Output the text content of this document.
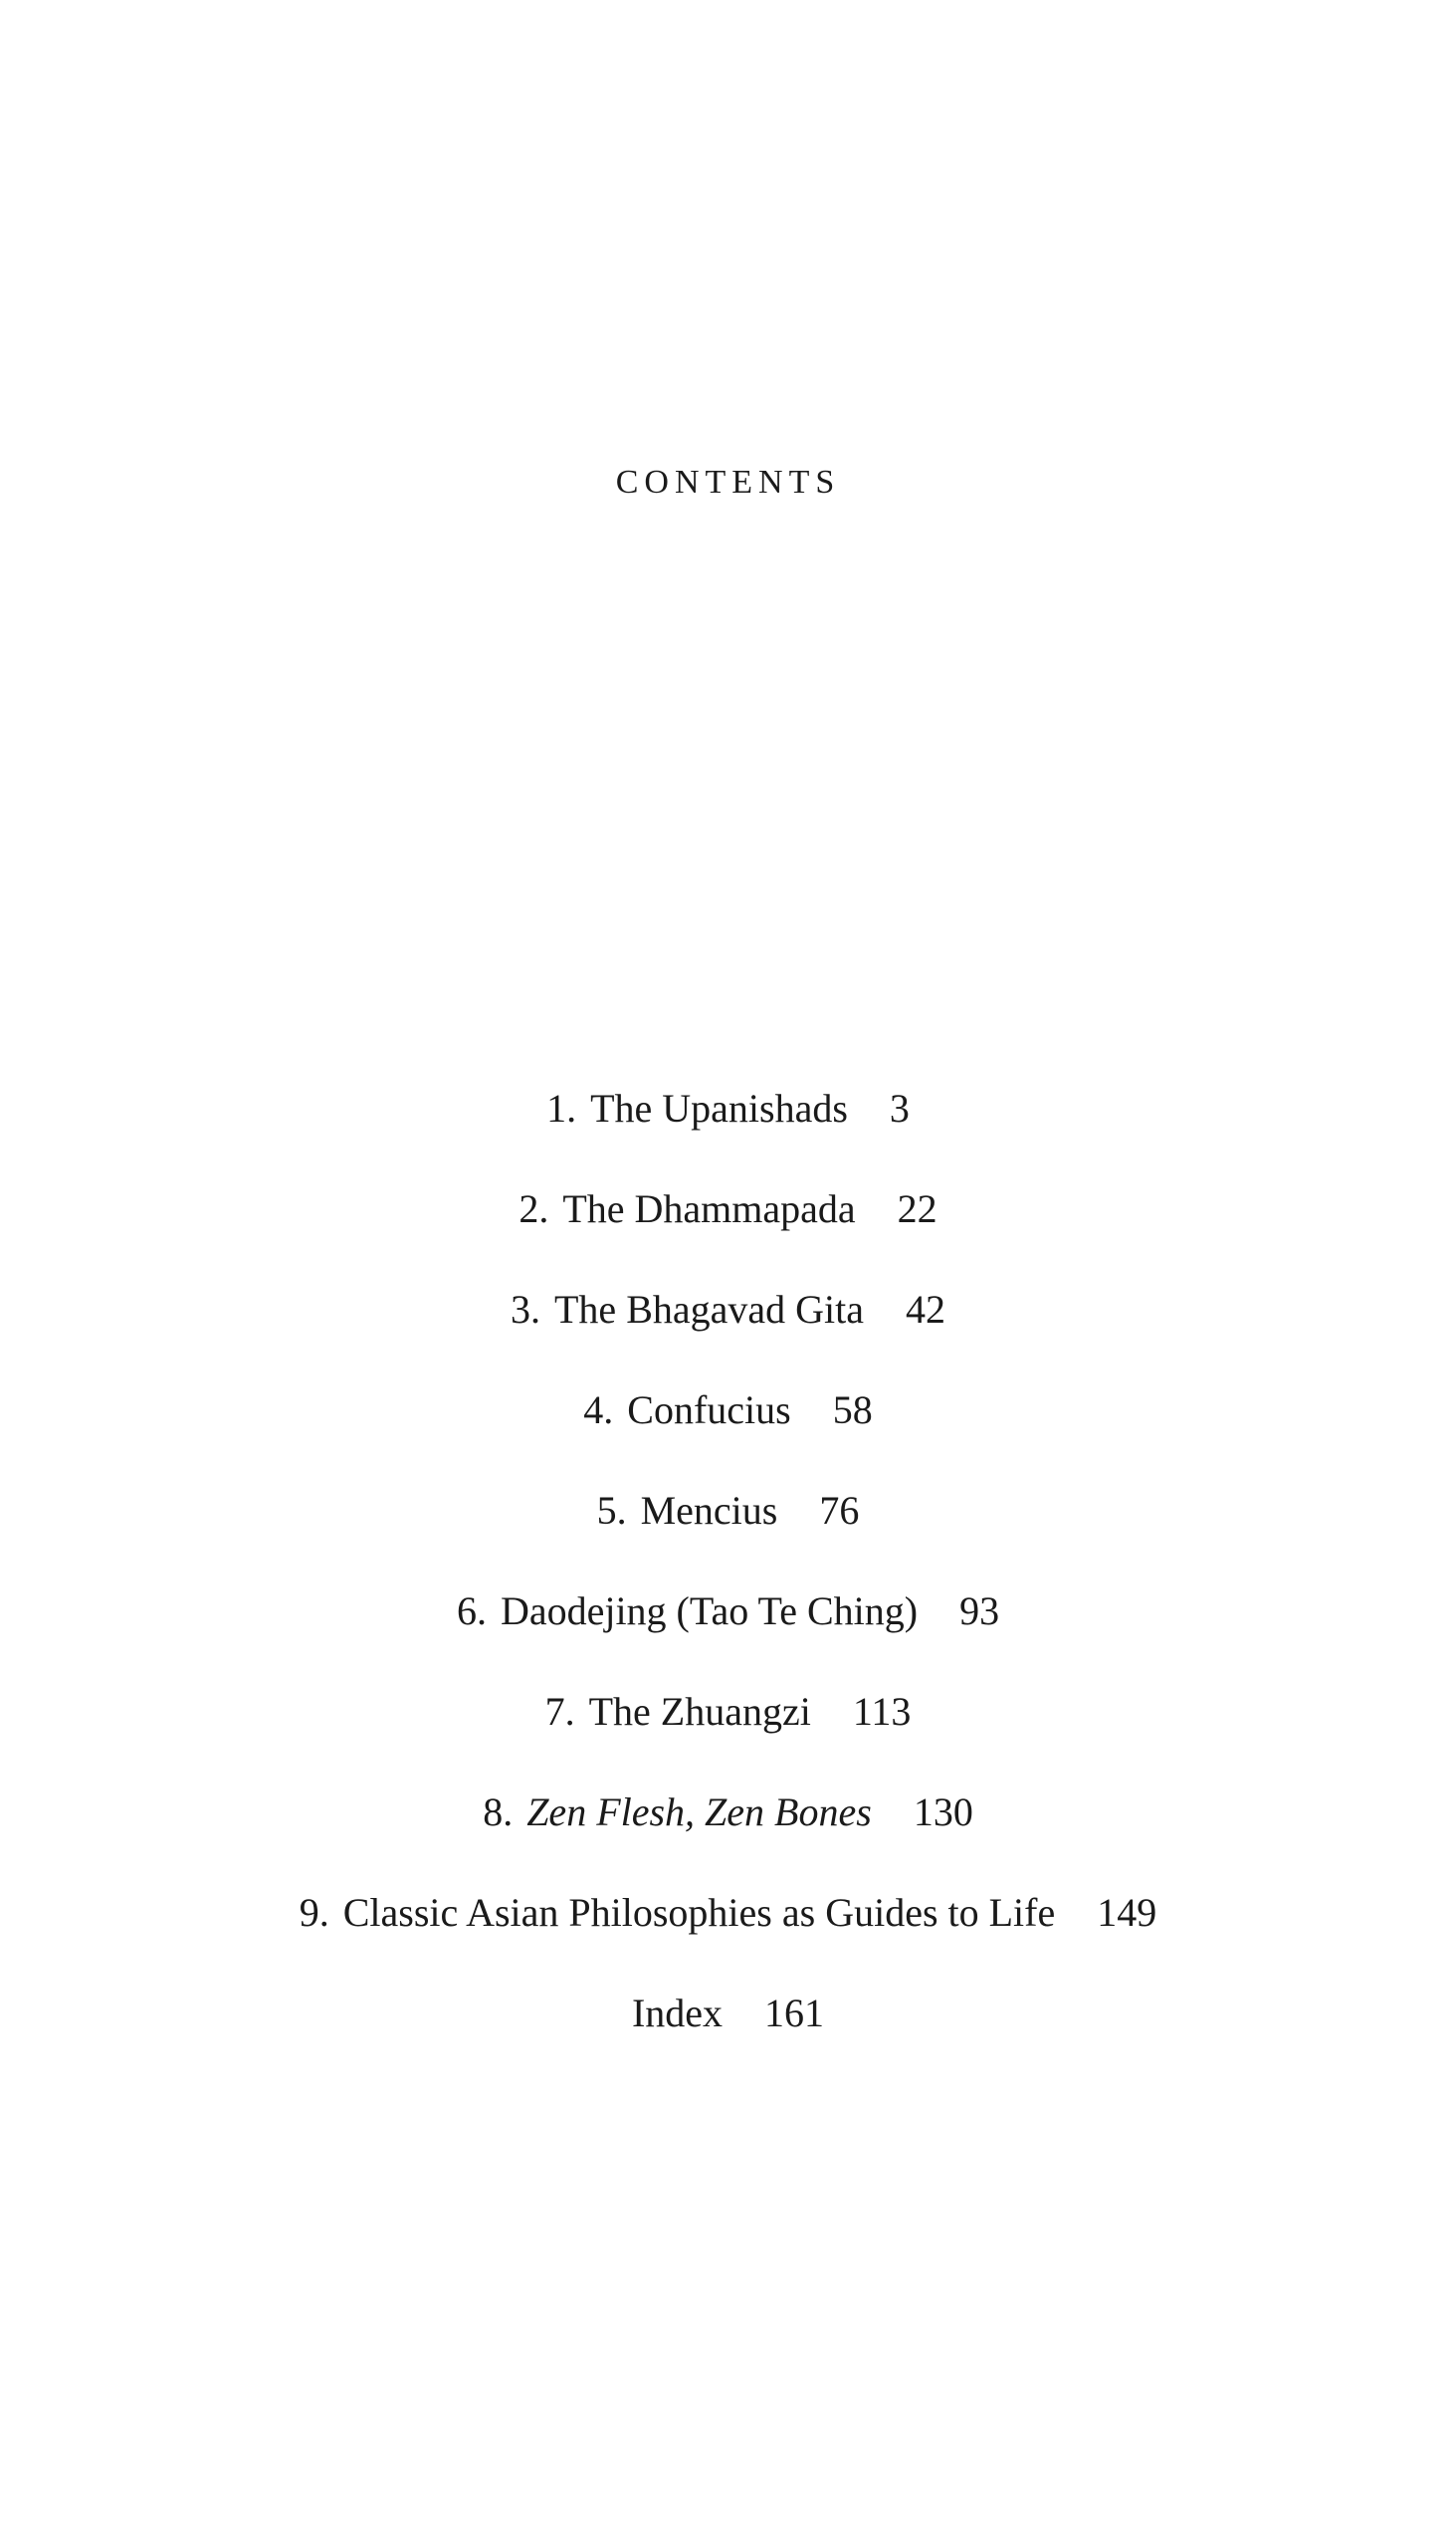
CONTENTS
1. The Upanishads 3
2. The Dhammapada 22
3. The Bhagavad Gita 42
4. Confucius 58
5. Mencius 76
6. Daodejing (Tao Te Ching) 93
7. The Zhuangzi 113
8. Zen Flesh, Zen Bones 130
9. Classic Asian Philosophies as Guides to Life 149
Index 161
